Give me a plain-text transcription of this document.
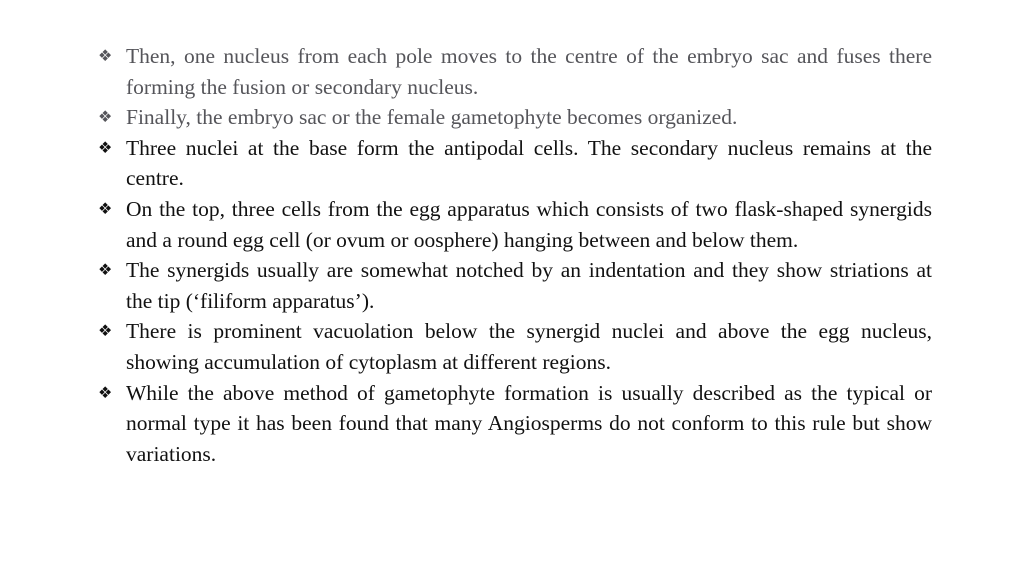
❖ Then, one nucleus from each pole moves to the centre of the embryo sac and fuses there forming the fusion or secondary nucleus.
❖ Finally, the embryo sac or the female gametophyte becomes organized.
❖ Three nuclei at the base form the antipodal cells. The secondary nucleus remains at the centre.
❖ On the top, three cells from the egg apparatus which consists of two flask-shaped synergids and a round egg cell (or ovum or oosphere) hanging between and below them.
❖ The synergids usually are somewhat notched by an indentation and they show striations at the tip (‘filiform apparatus’).
❖ There is prominent vacuolation below the synergid nuclei and above the egg nucleus, showing accumulation of cytoplasm at different regions.
❖ While the above method of gametophyte formation is usually described as the typical or normal type it has been found that many Angiosperms do not conform to this rule but show variations.
